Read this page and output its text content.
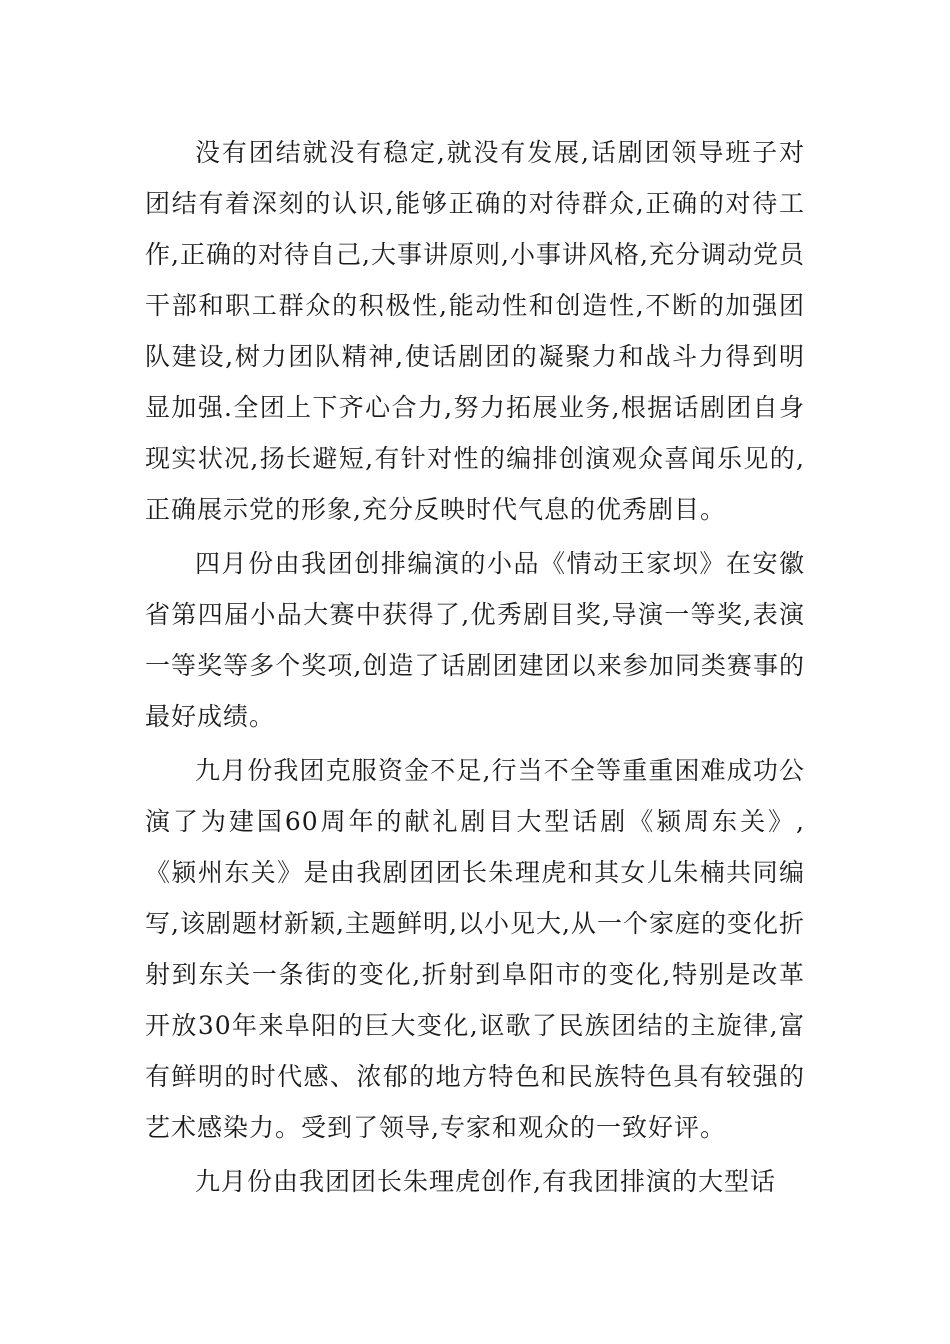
没有团结就没有稳定,就没有发展,话剧团领导班子对团结有着深刻的认识,能够正确的对待群众,正确的对待工作,正确的对待自己,大事讲原则,小事讲风格,充分调动党员干部和职工群众的积极性,能动性和创造性,不断的加强团队建设,树力团队精神,使话剧团的凝聚力和战斗力得到明显加强.全团上下齐心合力,努力拓展业务,根据话剧团自身现实状况,扬长避短,有针对性的编排创演观众喜闻乐见的,正确展示党的形象,充分反映时代气息的优秀剧目。

四月份由我团创排编演的小品《情动王家坝》在安徽省第四届小品大赛中获得了,优秀剧目奖,导演一等奖,表演一等奖等多个奖项,创造了话剧团建团以来参加同类赛事的最好成绩。

九月份我团克服资金不足,行当不全等重重困难成功公演了为建国60周年的献礼剧目大型话剧《颍周东关》,《颍州东关》是由我剧团团长朱理虎和其女儿朱楠共同编写,该剧题材新颖,主题鲜明,以小见大,从一个家庭的变化折射到东关一条街的变化,折射到阜阳市的变化,特别是改革开放30年来阜阳的巨大变化,讴歌了民族团结的主旋律,富有鲜明的时代感、浓郁的地方特色和民族特色具有较强的艺术感染力。受到了领导,专家和观众的一致好评。

九月份由我团团长朱理虎创作,有我团排演的大型话
